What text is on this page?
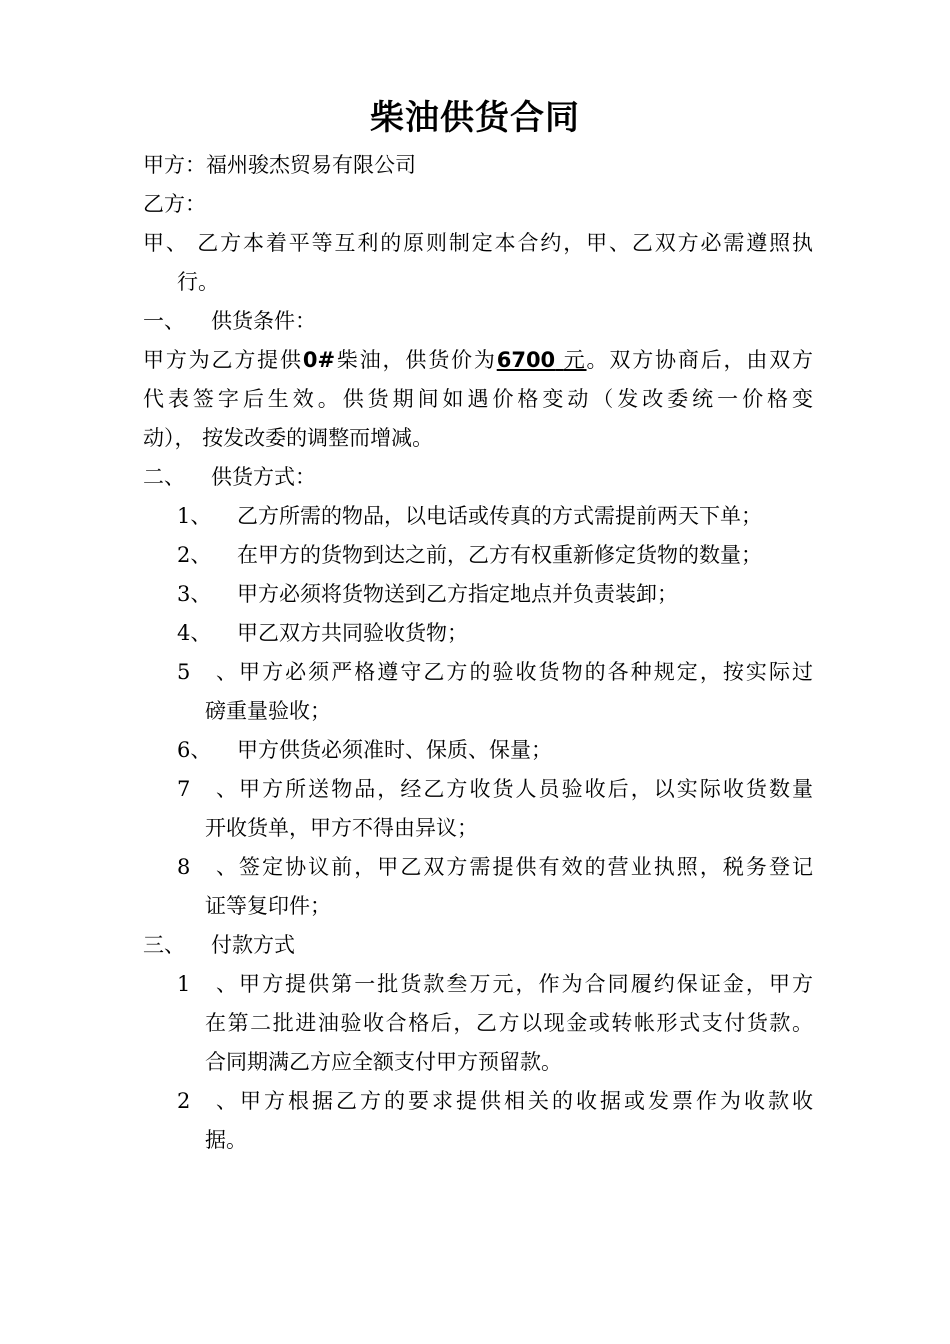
柴油供货合同
甲方：福州骏杰贸易有限公司
乙方：
甲、 乙方本着平等互利的原则制定本合约，甲、乙双方必需遵照执
行。
一、 供货条件：
甲方为乙方提供0#柴油，供货价为6700 元。双方协商后，由双方
代表签字后生效。供货期间如遇价格变动（发改委统一价格变
动）， 按发改委的调整而增减。
二、 供货方式：
1、 乙方所需的物品，以电话或传真的方式需提前两天下单；
2、 在甲方的货物到达之前，乙方有权重新修定货物的数量；
3、 甲方必须将货物送到乙方指定地点并负责装卸；
4、 甲乙双方共同验收货物；
5、甲方必须严格遵守乙方的验收货物的各种规定，按实际过
磅重量验收；
6、 甲方供货必须准时、保质、保量；
7、甲方所送物品，经乙方收货人员验收后，以实际收货数量
开收货单，甲方不得由异议；
8、签定协议前，甲乙双方需提供有效的营业执照，税务登记
证等复印件；
三、 付款方式
1、甲方提供第一批货款叁万元，作为合同履约保证金，甲方
在第二批进油验收合格后，乙方以现金或转帐形式支付货款。
合同期满乙方应全额支付甲方预留款。
2、甲方根据乙方的要求提供相关的收据或发票作为收款收
据。
